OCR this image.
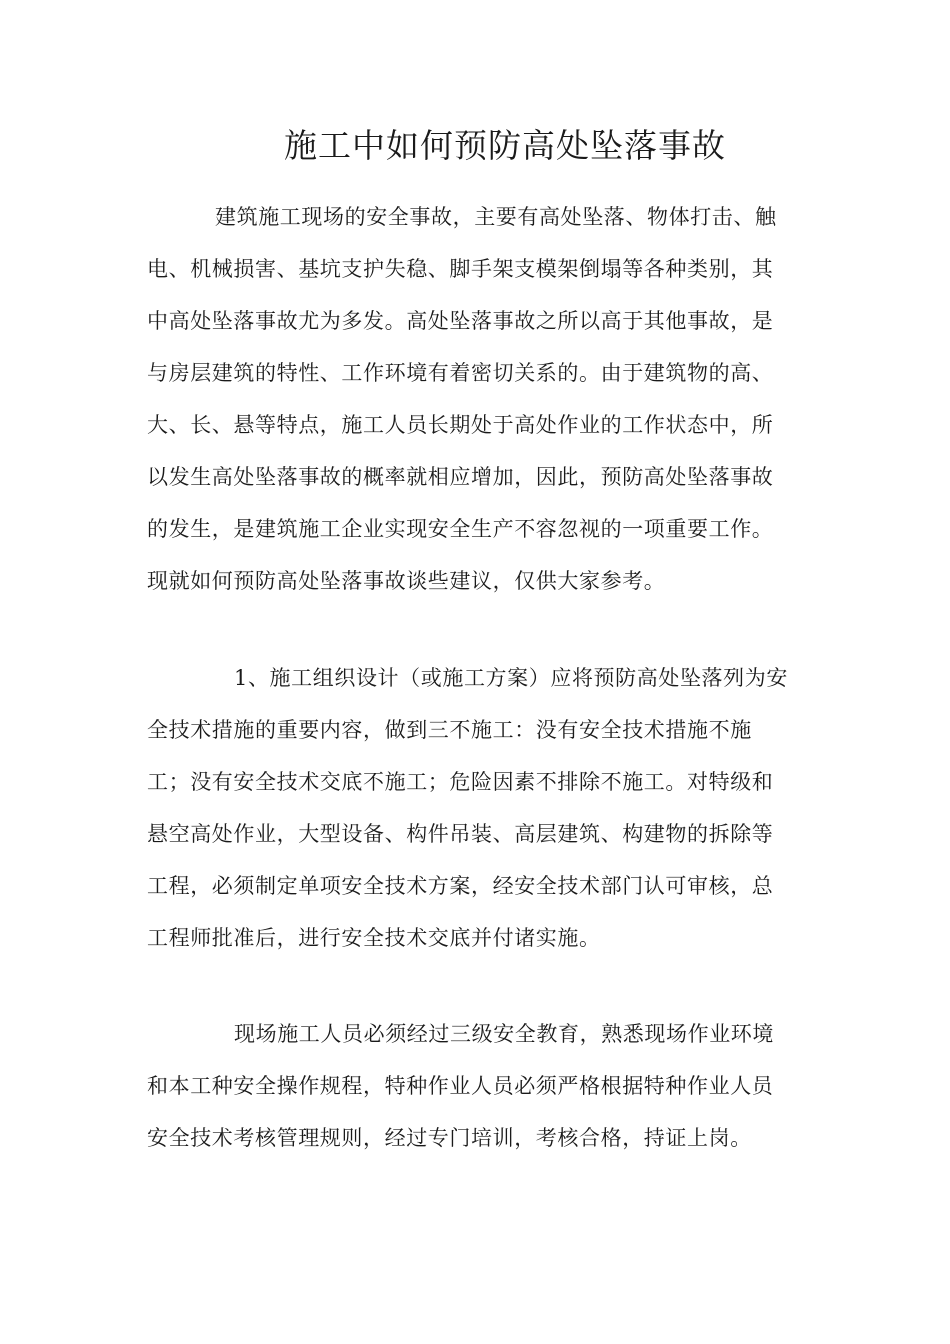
施工中如何预防高处坠落事故
建筑施工现场的安全事故，主要有高处坠落、物体打击、触
电、机械损害、基坑支护失稳、脚手架支模架倒塌等各种类别，其
中高处坠落事故尤为多发。高处坠落事故之所以高于其他事故，是
与房层建筑的特性、工作环境有着密切关系的。由于建筑物的高、
大、长、悬等特点，施工人员长期处于高处作业的工作状态中，所
以发生高处坠落事故的概率就相应增加，因此，预防高处坠落事故
的发生，是建筑施工企业实现安全生产不容忽视的一项重要工作。
现就如何预防高处坠落事故谈些建议，仅供大家参考。
1、施工组织设计（或施工方案）应将预防高处坠落列为安
全技术措施的重要内容，做到三不施工：没有安全技术措施不施
工；没有安全技术交底不施工；危险因素不排除不施工。对特级和
悬空高处作业，大型设备、构件吊装、高层建筑、构建物的拆除等
工程，必须制定单项安全技术方案，经安全技术部门认可审核，总
工程师批准后，进行安全技术交底并付诸实施。
现场施工人员必须经过三级安全教育，熟悉现场作业环境
和本工种安全操作规程，特种作业人员必须严格根据特种作业人员
安全技术考核管理规则，经过专门培训，考核合格，持证上岗。
